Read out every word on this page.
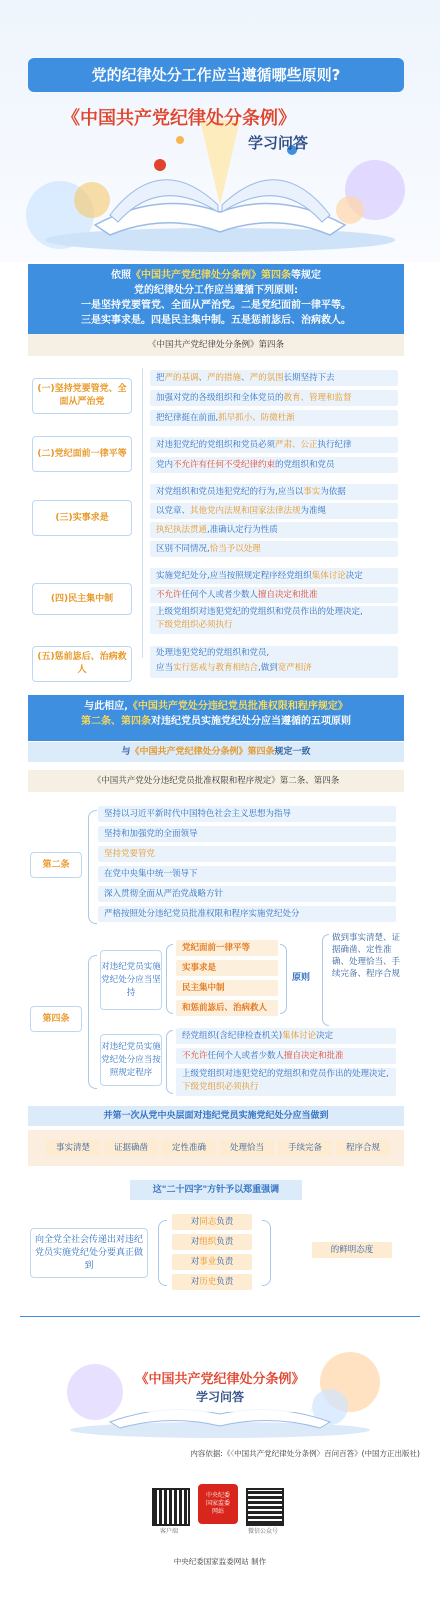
党的纪律处分工作应当遵循哪些原则?
《中国共产党纪律处分条例》
学习问答
依照《中国共产党纪律处分条例》第四条等规定
党的纪律处分工作应当遵循下列原则:
一是坚持党要管党、全面从严治党。二是党纪面前一律平等。
三是实事求是。四是民主集中制。五是惩前毖后、治病救人。
《中国共产党纪律处分条例》第四条
(一)坚持党要管党、全面从严治党
把严的基调、严的措施、严的氛围长期坚持下去
加强对党的各级组织和全体党员的教育、管理和监督
把纪律挺在前面,抓早抓小、防微杜渐
(二)党纪面前一律平等
对违犯党纪的党组织和党员必须严肃、公正执行纪律
党内不允许有任何不受纪律约束的党组织和党员
(三)实事求是
对党组织和党员违犯党纪的行为,应当以事实为依据
以党章、其他党内法规和国家法律法规为准绳
执纪执法贯通,准确认定行为性质
区别不同情况,恰当予以处理
(四)民主集中制
实施党纪处分,应当按照规定程序经党组织集体讨论决定
不允许任何个人或者少数人擅自决定和批准
上级党组织对违犯党纪的党组织和党员作出的处理决定,
下级党组织必须执行
(五)惩前毖后、治病救人
处理违犯党纪的党组织和党员,
应当实行惩戒与教育相结合,做到宽严相济
与此相应,《中国共产党处分违纪党员批准权限和程序规定》
第二条、第四条对违纪党员实施党纪处分应当遵循的五项原则
与《中国共产党纪律处分条例》第四条规定一致
《中国共产党处分违纪党员批准权限和程序规定》第二条、第四条
第二条
坚持以习近平新时代中国特色社会主义思想为指导
坚持和加强党的全面领导
坚持党要管党
在党中央集中统一领导下
深入贯彻全面从严治党战略方针
严格按照处分违纪党员批准权限和程序实施党纪处分
第四条
对违纪党员实施党纪处分应当坚持
党纪面前一律平等
实事求是
民主集中制
和惩前毖后、治病救人
原则
做到事实清楚、证据确凿、定性准确、处理恰当、手续完备、程序合规
对违纪党员实施党纪处分应当按照规定程序
经党组织(含纪律检查机关)集体讨论决定
不允许任何个人或者少数人擅自决定和批准
上级党组织对违犯党纪的党组织和党员作出的处理决定,
下级党组织必须执行
并第一次从党中央层面对违纪党员实施党纪处分应当做到
事实清楚	证据确凿	定性准确	处理恰当	手续完备	程序合规
这"二十四字"方针予以郑重强调
向全党全社会传递出对违纪党员实施党纪处分要真正做到
对同志负责
对组织负责
对事业负责
对历史负责
的鲜明态度
《中国共产党纪律处分条例》
学习问答
内容依据:《〈中国共产党纪律处分条例〉百问百答》(中国方正出版社)
客户端
中央纪委
国家监委
网站
微信公众号
中央纪委国家监委网站 制作
